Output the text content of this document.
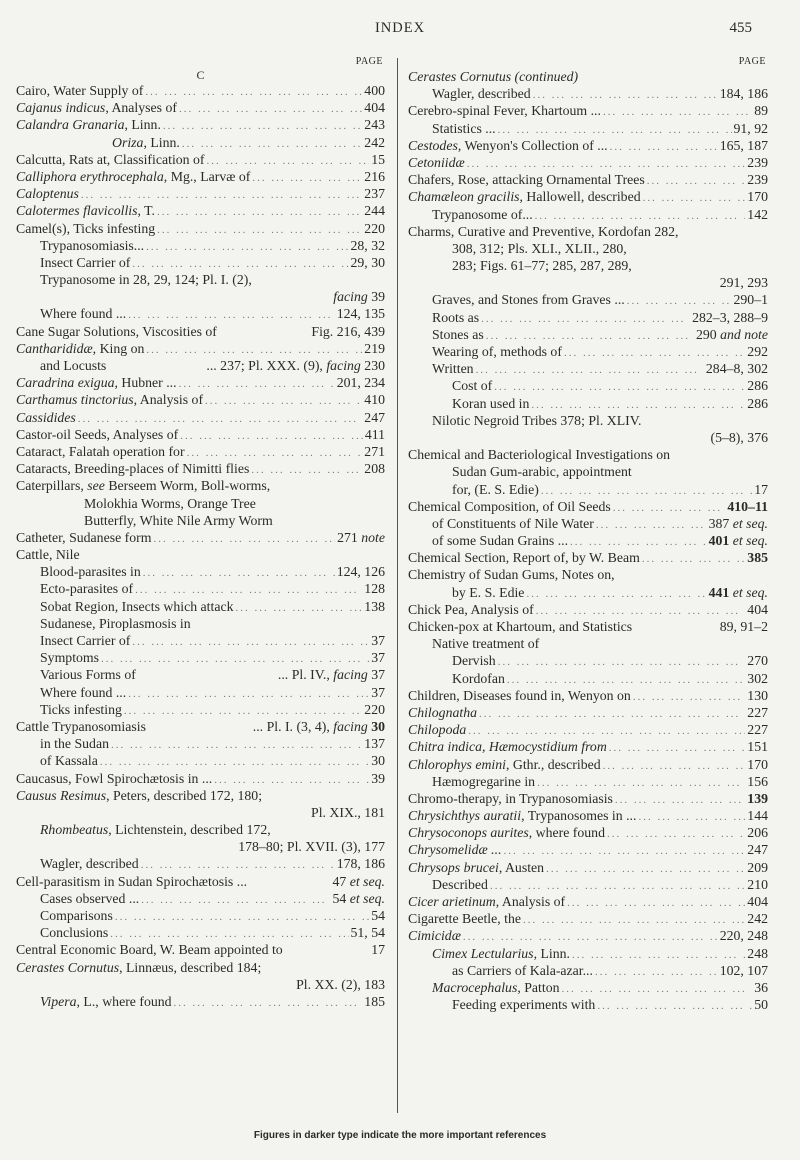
INDEX	455
PAGE
C
Cairo, Water Supply of ... .	400
Cajanus indicus, Analyses of ... .	404
Calandra Granaria, Linn. ... .	243
Oriza, Linn. ... .	242
Calcutta, Rats at, Classification of ... .	15
Calliphora erythrocephala, Mg., Larvæ of ... .	216
Caloptenus ... .	237
Calotermes flavicollis, T. ... .	244
Camel(s), Ticks infesting ... .	220
Trypanosomiasis... ... .	28, 32
Insect Carrier of ... .	29, 30
Trypanosome in 28, 29, 124; Pl. I. (2),
facing 39
Where found ... ... .	124, 135
Cane Sugar Solutions, Viscosities of	Fig. 216, 439
Cantharididæ, King on ... .	219
and Locusts	... 237; Pl. XXX. (9), facing 230
Caradrina exigua, Hubner ... ... .	201, 234
Carthamus tinctorius, Analysis of ... .	410
Cassidides ... .	247
Castor-oil Seeds, Analyses of ... .	411
Cataract, Falatah operation for ... .	271
Cataracts, Breeding-places of Nimitti flies ... .	208
Caterpillars, see Berseem Worm, Boll-worms,
Molokhia Worms, Orange Tree
Butterfly, White Nile Army Worm
Catheter, Sudanese form ... .	271 note
Cattle, Nile
Blood-parasites in ... .	124, 126
Ecto-parasites of ... .	128
Sobat Region, Insects which attack ... .	138
Sudanese, Piroplasmosis in
Insect Carrier of ... .	37
Symptoms ... .	37
Various Forms of	... Pl. IV., facing 37
Where found ... ... .	37
Ticks infesting ... .	220
Cattle Trypanosomiasis	... Pl. I. (3, 4), facing 30
in the Sudan ... .	137
of Kassala ... .	30
Caucasus, Fowl Spirochætosis in ... ... .	39
Causus Resimus, Peters, described 172, 180;
Pl. XIX., 181
Rhombeatus, Lichtenstein, described 172,
178–80; Pl. XVII. (3), 177
Wagler, described ... .	178, 186
Cell-parasitism in Sudan Spirochætosis ...	47 et seq.
Cases observed ... ... .	54 et seq.
Comparisons ... .	54
Conclusions ... .	51, 54
Central Economic Board, W. Beam appointed to	17
Cerastes Cornutus, Linnæus, described 184;
Pl. XX. (2), 183
Vipera, L., where found ... .	185
PAGE
Cerastes Cornutus (continued)
Wagler, described ... .	184, 186
Cerebro-spinal Fever, Khartoum ... ... .	89
Statistics ... ... .	91, 92
Cestodes, Wenyon's Collection of ... ... .	165, 187
Cetoniidæ ... .	239
Chafers, Rose, attacking Ornamental Trees ... .	239
Chamæleon gracilis, Hallowell, described ... .	170
Trypanosome of... ... .	142
Charms, Curative and Preventive, Kordofan 282,
308, 312; Pls. XLI., XLII., 280,
283; Figs. 61–77; 285, 287, 289,
291, 293
Graves, and Stones from Graves ... ... .	290–1
Roots as ... .	282–3, 288–9
Stones as ... .	290 and note
Wearing of, methods of ... .	292
Written ... .	284–8, 302
Cost of ... .	286
Koran used in ... .	286
Nilotic Negroid Tribes 378; Pl. XLIV.
(5–8), 376
Chemical and Bacteriological Investigations on
Sudan Gum-arabic, appointment
for, (E. S. Edie) ... .	17
Chemical Composition, of Oil Seeds ... .	410–11
of Constituents of Nile Water ... .	387 et seq.
of some Sudan Grains ... ... .	401 et seq.
Chemical Section, Report of, by W. Beam ... .	385
Chemistry of Sudan Gums, Notes on,
by E. S. Edie ... .	441 et seq.
Chick Pea, Analysis of ... .	404
Chicken-pox at Khartoum, and Statistics	89, 91–2
Native treatment of
Dervish ... .	270
Kordofan ... .	302
Children, Diseases found in, Wenyon on ... .	130
Chilognatha ... .	227
Chilopoda ... .	227
Chitra indica, Hæmocystidium from ... .	151
Chlorophys emini, Gthr., described ... .	170
Hæmogregarine in ... .	156
Chromo-therapy, in Trypanosomiasis ... .	139
Chrysichthys auratii, Trypanosomes in ... ... .	144
Chrysoconops aurites, where found ... .	206
Chrysomelidæ ... ... .	247
Chrysops brucei, Austen ... .	209
Described ... .	210
Cicer arietinum, Analysis of ... .	404
Cigarette Beetle, the ... .	242
Cimicidæ ... .	220, 248
Cimex Lectularius, Linn. ... .	248
as Carriers of Kala-azar... ... .	102, 107
Macrocephalus, Patton ... .	36
Feeding experiments with ... .	50
Figures in darker type indicate the more important references
